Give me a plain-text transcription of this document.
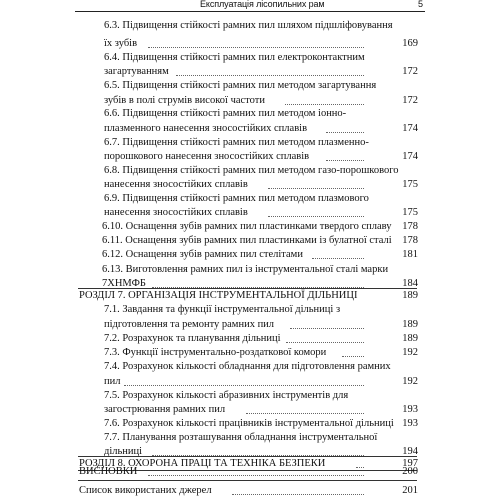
Експлуатація лісопильних рам	5
6.3. Підвищення стійкості рамних пил шляхом підшліфовування
їх зубів	169
6.4. Підвищення стійкості рамних пил електроконтактним
загартуванням	172
6.5. Підвищення стійкості рамних пил методом загартування
зубів в полі струмів високої частоти	172
6.6. Підвищення стійкості рамних пил методом іонно-
плазменного нанесення зносостійких сплавів	174
6.7. Підвищення стійкості рамних пил методом плазменно-
порошкового нанесення зносостійких сплавів	174
6.8. Підвищення стійкості рамних пил методом газо-порошкового
нанесення зносостійких сплавів	175
6.9. Підвищення стійкості рамних пил методом плазмового
нанесення зносостійких сплавів	175
6.10. Оснащення зубів рамних пил пластинками твердого сплаву 178
6.11. Оснащення зубів рамних пил пластинками із булатної сталі 178
6.12. Оснащення зубів рамних пил стелітами	181
6.13. Виготовлення рамних пил із інструментальної сталі марки
7ХНМФБ	184
РОЗДІЛ 7. ОРГАНІЗАЦІЯ ІНСТРУМЕНТАЛЬНОЇ ДІЛЬНИЦІ	189
7.1. Завдання та функції інструментальної дільниці з
підготовлення та ремонту рамних пил	189
7.2. Розрахунок та планування дільниці	189
7.3. Функції інструментально-роздаткової комори	192
7.4. Розрахунок кількості обладнання для підготовлення рамних
пил	192
7.5. Розрахунок кількості абразивних інструментів для
загострювання рамних пил	193
7.6. Розрахунок кількості працівників інструментальної дільниці 193
7.7. Планування розташування обладнання інструментальної
дільниці	194
РОЗДІЛ 8. ОХОРОНА ПРАЦІ ТА ТЕХНІКА БЕЗПЕКИ	197
ВИСНОВКИ	200
Список використаних джерел	201
